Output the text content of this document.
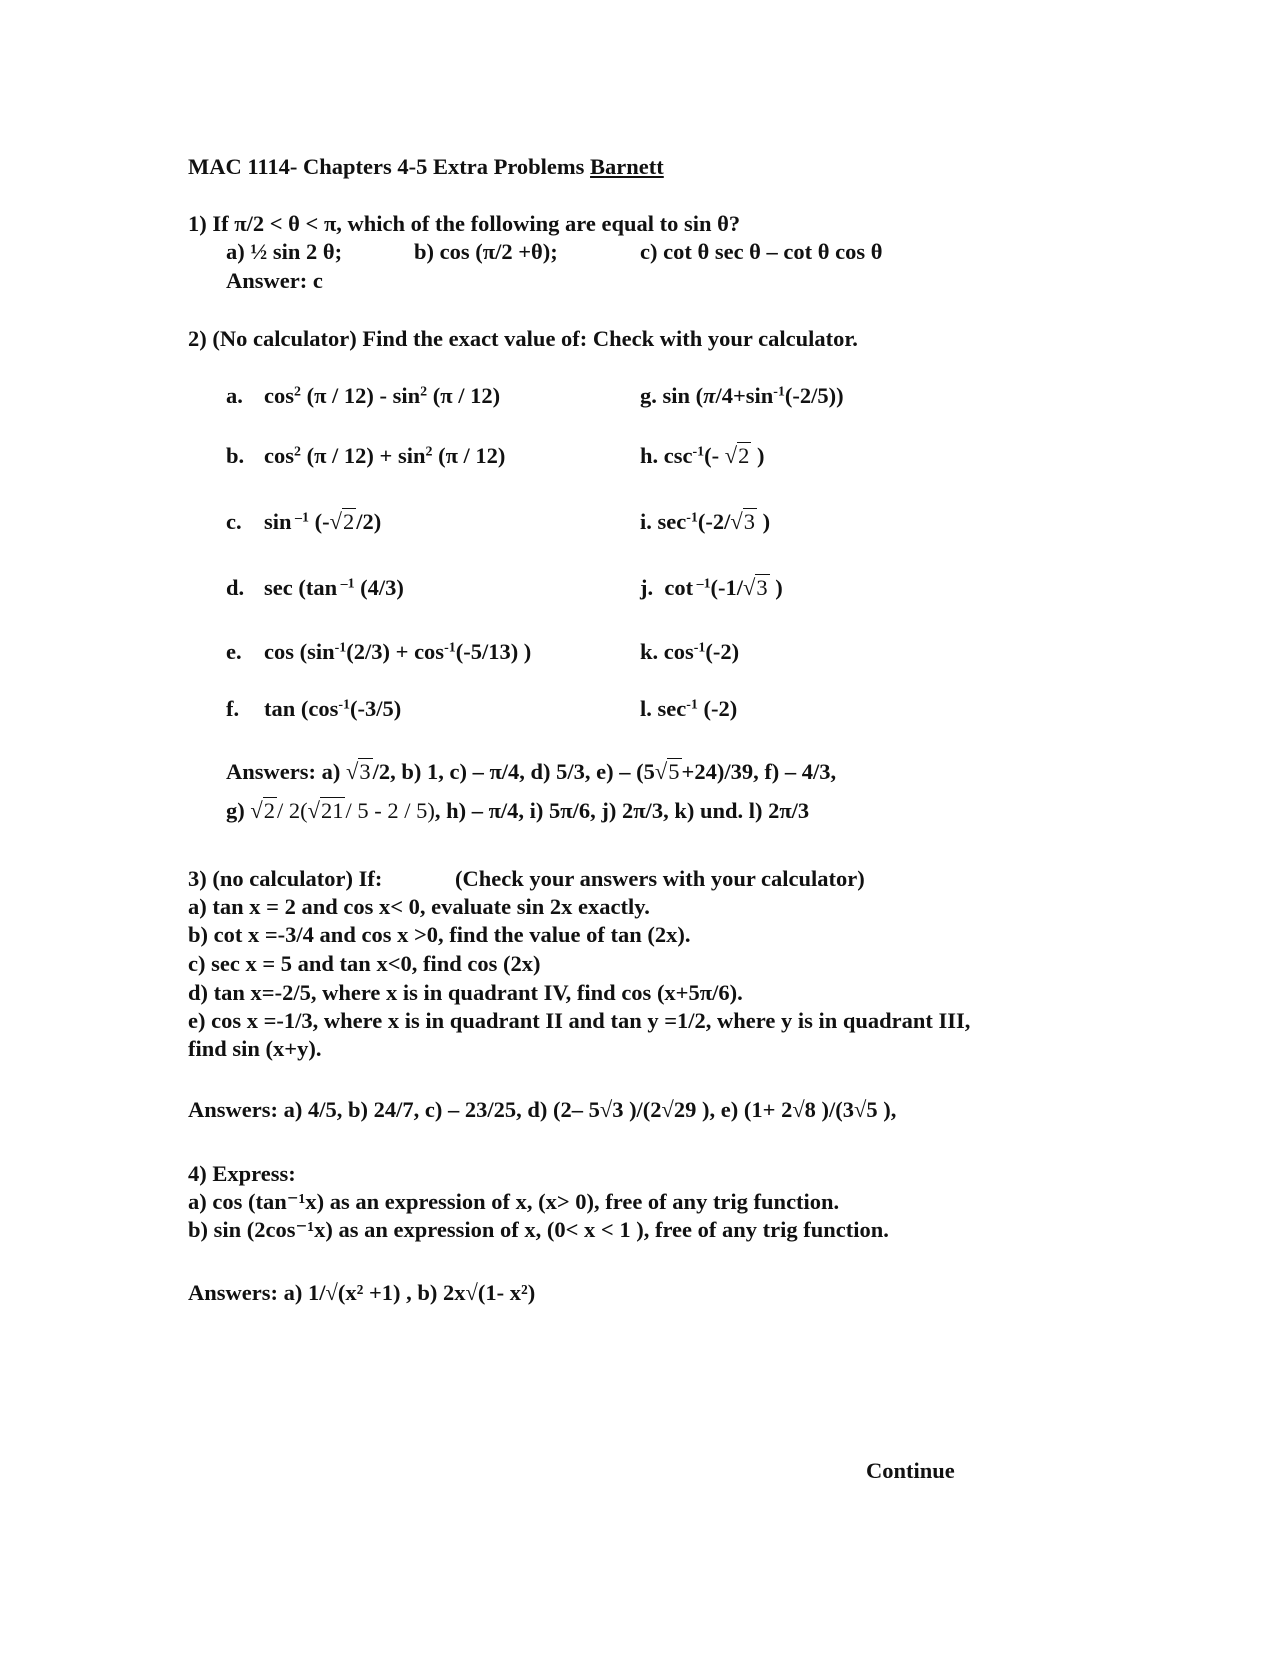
MAC 1114- Chapters 4-5 Extra Problems Barnett
1) If π/2 < θ < π, which of the following are equal to sin θ?
a) ½ sin 2 θ;	b) cos (π/2 +θ);	c) cot θ sec θ – cot θ cos θ
Answer: c
2) (No calculator) Find the exact value of: Check with your calculator.
a. $\cos^2 (\pi / 12) - \sin^2 (\pi / 12)$	g. $\sin (\pi/4+\sin^{-1}(-2/5))$
b. $\cos^2 (\pi / 12) + \sin^2 (\pi / 12)$	h. $\csc^{-1}(-$ √ 2 )
c. sin $^{-1}$ (-√ 2/2)	i. $\sec^{-1}(-2/√$ 3 )
d. sec (tan $^{-1}$ (4/3)	j.  cot $^{-1}$(-1/√ 3 )
e. $\cos (\sin^{-1}(2/3) + \cos^{-1}(-5/13)$ )	k. $\cos^{-1}(-2)$
f. $\tan (\cos^{-1}(-3/5)$	l. $\sec^{-1} (-2)$
Answers: a) √ 3/2, b) 1, c) – π/4, d) 5/3, e) – (5√ 5+24)/39, f) – 4/3,
g) √ 2/ 2(√ 21/ 5 - 2 / 5), h) – π/4, i) 5π/6, j) 2π/3, k) und. l) 2π/3
3) (no calculator) If:	(Check your answers with your calculator)
a) tan x = 2 and cos x< 0, evaluate sin 2x exactly.
b) cot x =-3/4 and cos x >0, find the value of tan (2x).
c) sec x = 5 and tan x<0, find cos (2x)
d) tan x=-2/5, where x is in quadrant IV, find cos (x+5π/6).
e) cos x =-1/3, where x is in quadrant II and tan y =1/2, where y is in quadrant III,
find sin (x+y).
Answers: a) 4/5, b) 24/7, c) – 23/25, d) (2– 5√3 )/(2√29 ), e) (1+ 2√8 )/(3√5 ),
4) Express:
a) cos (tan⁻¹x) as an expression of x, (x> 0), free of any trig function.
b) sin (2cos⁻¹x) as an expression of x, (0< x < 1 ), free of any trig function.
Answers: a) 1/√(x² +1) , b) 2x√(1- x²)
Continue
